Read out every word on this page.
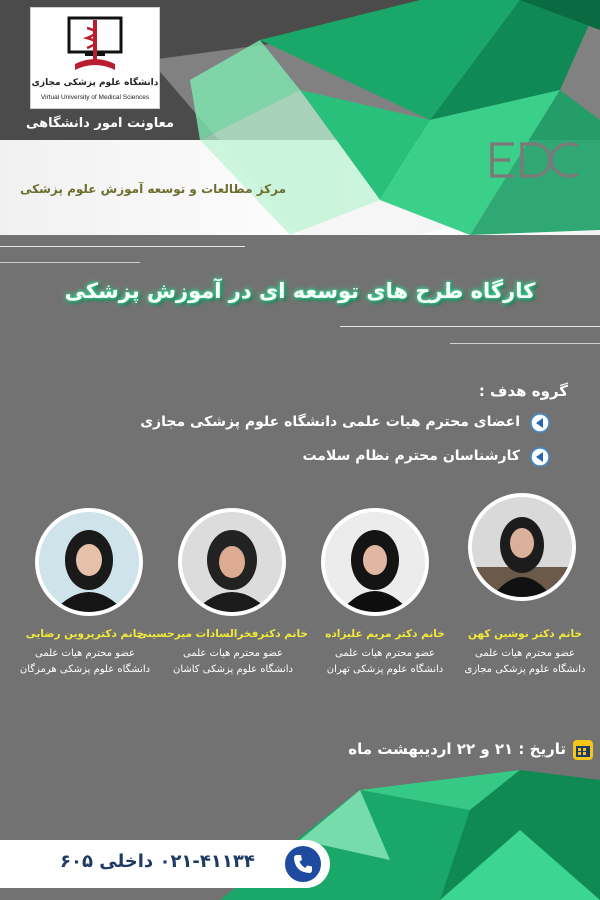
دانشگاه علوم پزشکی مجازی
Virtual University of Medical Sciences
معاونت امور دانشگاهی
مرکز مطالعات و توسعه آموزش علوم پزشکی
کارگاه طرح های توسعه ای در آموزش پزشکی
گروه هدف :
اعضای محترم هیات علمی دانشگاه علوم پزشکی مجازی
کارشناسان محترم نظام سلامت
خانم دکتر نوشین کهن
عضو محترم هیات علمی
دانشگاه علوم پزشکی مجازی
خانم دکتر مریم علیزاده
عضو محترم هیات علمی
دانشگاه علوم پزشکی تهران
خانم دکترفخرالسادات میرحسینی
عضو محترم هیات علمی
دانشگاه علوم پزشکی کاشان
خانم دکترپروین رضایی
عضو محترم هیات علمی
دانشگاه علوم پزشکی هرمزگان
تاریخ : ۲۱ و ۲۲ اردیبهشت ماه
۰۲۱-۴۱۱۳۴ داخلی ۶۰۵
